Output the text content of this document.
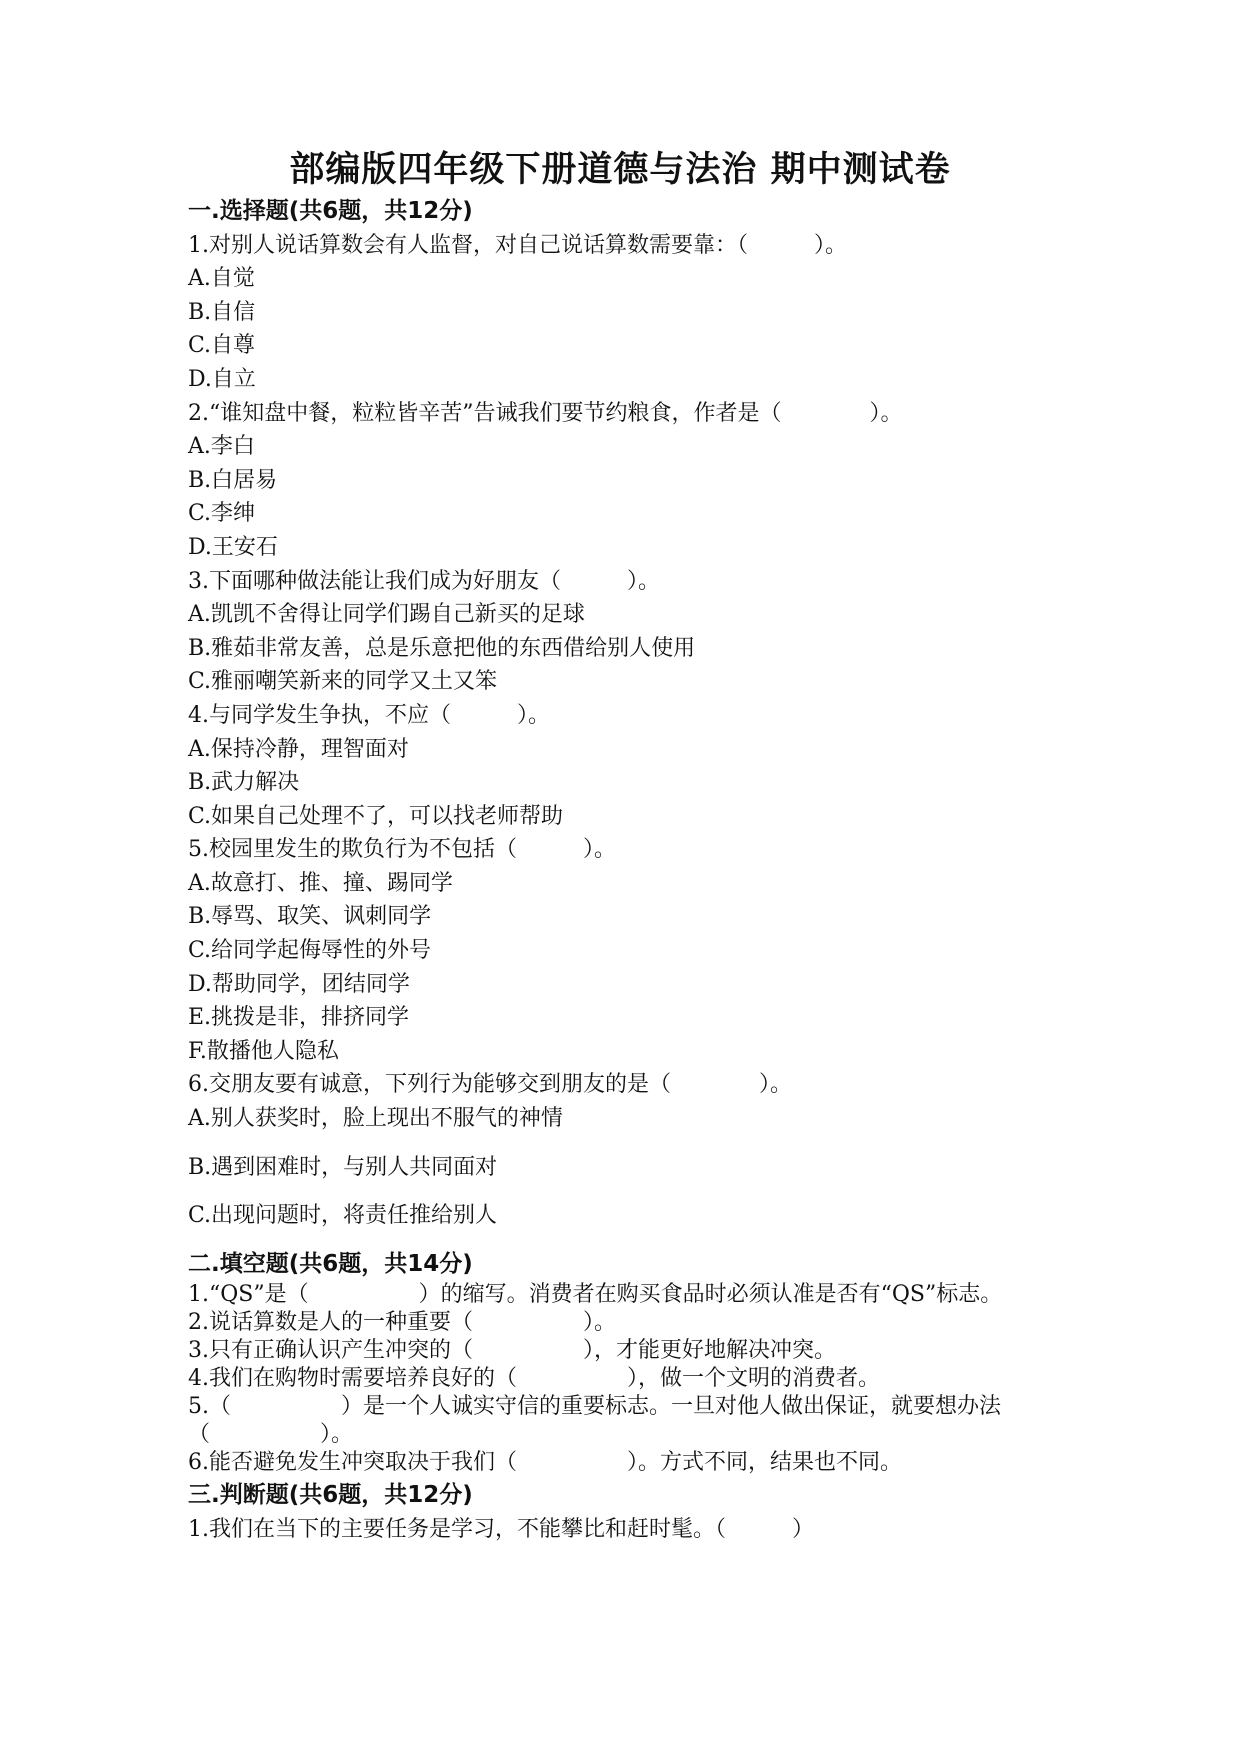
部编版四年级下册道德与法治 期中测试卷
一.选择题(共6题，共12分)
1.对别人说话算数会有人监督，对自己说话算数需要靠：（　　　）。
A.自觉
B.自信
C.自尊
D.自立
2.“谁知盘中餐，粒粒皆辛苦”告诫我们要节约粮食，作者是（　　　　）。
A.李白
B.白居易
C.李绅
D.王安石
3.下面哪种做法能让我们成为好朋友（　　　）。
A.凯凯不舍得让同学们踢自己新买的足球
B.雅茹非常友善，总是乐意把他的东西借给别人使用
C.雅丽嘲笑新来的同学又土又笨
4.与同学发生争执，不应（　　　）。
A.保持冷静，理智面对
B.武力解决
C.如果自己处理不了，可以找老师帮助
5.校园里发生的欺负行为不包括（　　　）。
A.故意打、推、撞、踢同学
B.辱骂、取笑、讽刺同学
C.给同学起侮辱性的外号
D.帮助同学，团结同学
E.挑拨是非，排挤同学
F.散播他人隐私
6.交朋友要有诚意，下列行为能够交到朋友的是（　　　　）。
A.别人获奖时，脸上现出不服气的神情
B.遇到困难时，与别人共同面对
C.出现问题时，将责任推给别人
二.填空题(共6题，共14分)
1.“QS”是（　　　　　）的缩写。消费者在购买食品时必须认准是否有“QS”标志。
2.说话算数是人的一种重要（　　　　　）。
3.只有正确认识产生冲突的（　　　　　），才能更好地解决冲突。
4.我们在购物时需要培养良好的（　　　　　），做一个文明的消费者。
5.（　　　　　）是一个人诚实守信的重要标志。一旦对他人做出保证，就要想办法（　　　　　）。
6.能否避免发生冲突取决于我们（　　　　　）。方式不同，结果也不同。
三.判断题(共6题，共12分)
1.我们在当下的主要任务是学习，不能攀比和赶时髦。（　　　）
